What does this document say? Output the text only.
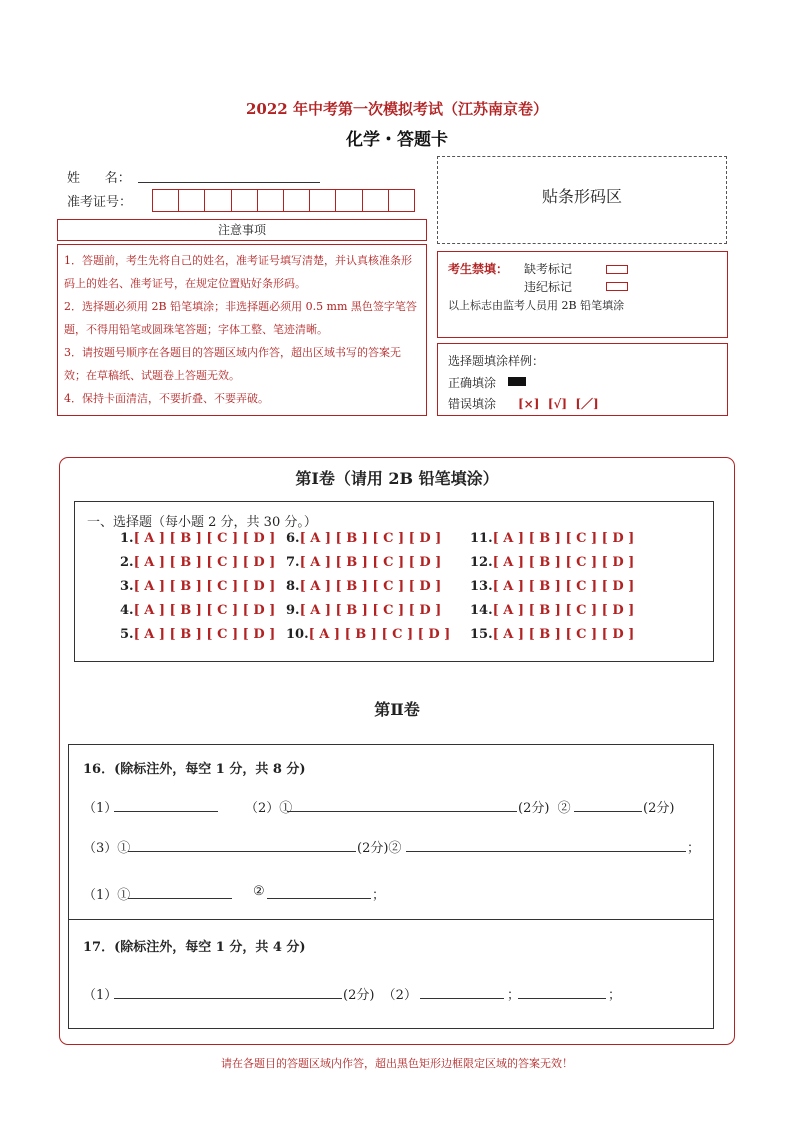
2022 年中考第一次模拟考试（江苏南京卷）
化学・答题卡
姓      名：
准考证号：	贴条形码区
注意事项

1．答题前，考生先将自己的姓名，准考证号填写清楚，并认真核准条形码上的姓名、准考证号，在规定位置贴好条形码。

2．选择题必须用 2B 铅笔填涂；非选择题必须用 0.5 mm 黑色签字笔答题，不得用铅笔或圆珠笔答题；字体工整、笔迹清晰。

3．请按题号顺序在各题目的答题区域内作答，超出区域书写的答案无效；在草稿纸、试题卷上答题无效。

4．保持卡面清洁，不要折叠、不要弄破。

考生禁填： 缺考标记
违纪标记
以上标志由监考人员用 2B 铅笔填涂
选择题填涂样例：
正确填涂
错误填涂 [×]  [√]  [／]
第Ⅰ卷（请用 2B 铅笔填涂）
一、选择题（每小题 2 分，共 30 分。）
1.[ A ] [ B ] [ C ] [ D ]
2.[ A ] [ B ] [ C ] [ D ]
3.[ A ] [ B ] [ C ] [ D ]
4.[ A ] [ B ] [ C ] [ D ]
5.[ A ] [ B ] [ C ] [ D ]
6.[ A ] [ B ] [ C ] [ D ]
7.[ A ] [ B ] [ C ] [ D ]
8.[ A ] [ B ] [ C ] [ D ]
9.[ A ] [ B ] [ C ] [ D ]
10.[ A ] [ B ] [ C ] [ D ]
11.[ A ] [ B ] [ C ] [ D ]
12.[ A ] [ B ] [ C ] [ D ]
13.[ A ] [ B ] [ C ] [ D ]
14.[ A ] [ B ] [ C ] [ D ]
15.[ A ] [ B ] [ C ] [ D ]
第Ⅱ卷
16．(除标注外，每空 1 分，共 8 分)
（1）	（2）①	(2分)  ②	(2分)
（3）①	(2分)②	；
（1）①	②	；
17．(除标注外，每空 1 分，共 4 分)
（1）	(2分)  （2）	；	；
请在各题目的答题区域内作答，超出黑色矩形边框限定区域的答案无效！
